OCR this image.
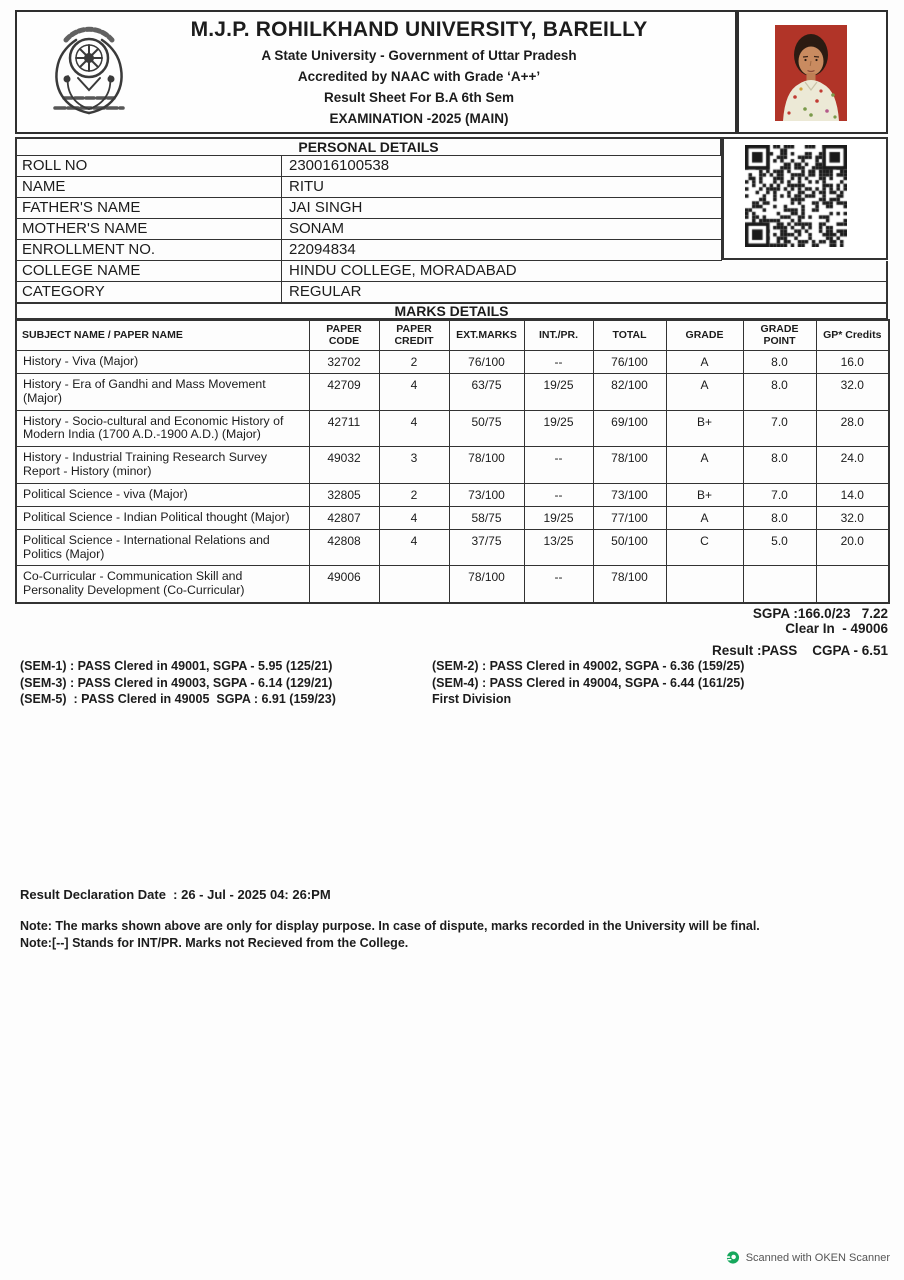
M.J.P. ROHILKHAND UNIVERSITY, BAREILLY
A State University - Government of Uttar Pradesh
Accredited by NAAC with Grade ‘A++’
Result Sheet For B.A 6th Sem
EXAMINATION -2025 (MAIN)
PERSONAL DETAILS
ROLL NO	230016100538
NAME	RITU
FATHER'S NAME	JAI SINGH
MOTHER'S NAME	SONAM
ENROLLMENT NO.	22094834
COLLEGE NAME	HINDU COLLEGE, MORADABAD
CATEGORY	REGULAR
MARKS DETAILS
SUBJECT NAME / PAPER NAME	PAPER CODE	PAPER CREDIT	EXT.MARKS	INT./PR.	TOTAL	GRADE	GRADE POINT	GP* Credits
History - Viva (Major)	32702	2	76/100	--	76/100	A	8.0	16.0
History - Era of Gandhi and Mass Movement (Major)	42709	4	63/75	19/25	82/100	A	8.0	32.0
History - Socio-cultural and Economic History of Modern India (1700 A.D.-1900 A.D.) (Major)	42711	4	50/75	19/25	69/100	B+	7.0	28.0
History - Industrial Training Research Survey Report - History (minor)	49032	3	78/100	--	78/100	A	8.0	24.0
Political Science - viva (Major)	32805	2	73/100	--	73/100	B+	7.0	14.0
Political Science - Indian Political thought (Major)	42807	4	58/75	19/25	77/100	A	8.0	32.0
Political Science - International Relations and Politics (Major)	42808	4	37/75	13/25	50/100	C	5.0	20.0
Co-Curricular - Communication Skill and Personality Development (Co-Curricular)	49006		78/100	--	78/100			
SGPA :166.0/23   7.22
Clear In  - 49006
Result :PASS    CGPA - 6.51
(SEM-1) : PASS Clered in 49001, SGPA - 5.95 (125/21)	(SEM-2) : PASS Clered in 49002, SGPA - 6.36 (159/25)
(SEM-3) : PASS Clered in 49003, SGPA - 6.14 (129/21)	(SEM-4) : PASS Clered in 49004, SGPA - 6.44 (161/25)
(SEM-5)  : PASS Clered in 49005  SGPA : 6.91 (159/23)	First Division
Result Declaration Date  : 26 - Jul - 2025 04: 26:PM
Note: The marks shown above are only for display purpose. In case of dispute, marks recorded in the University will be final.
Note:[--] Stands for INT/PR. Marks not Recieved from the College.
Scanned with OKEN Scanner
